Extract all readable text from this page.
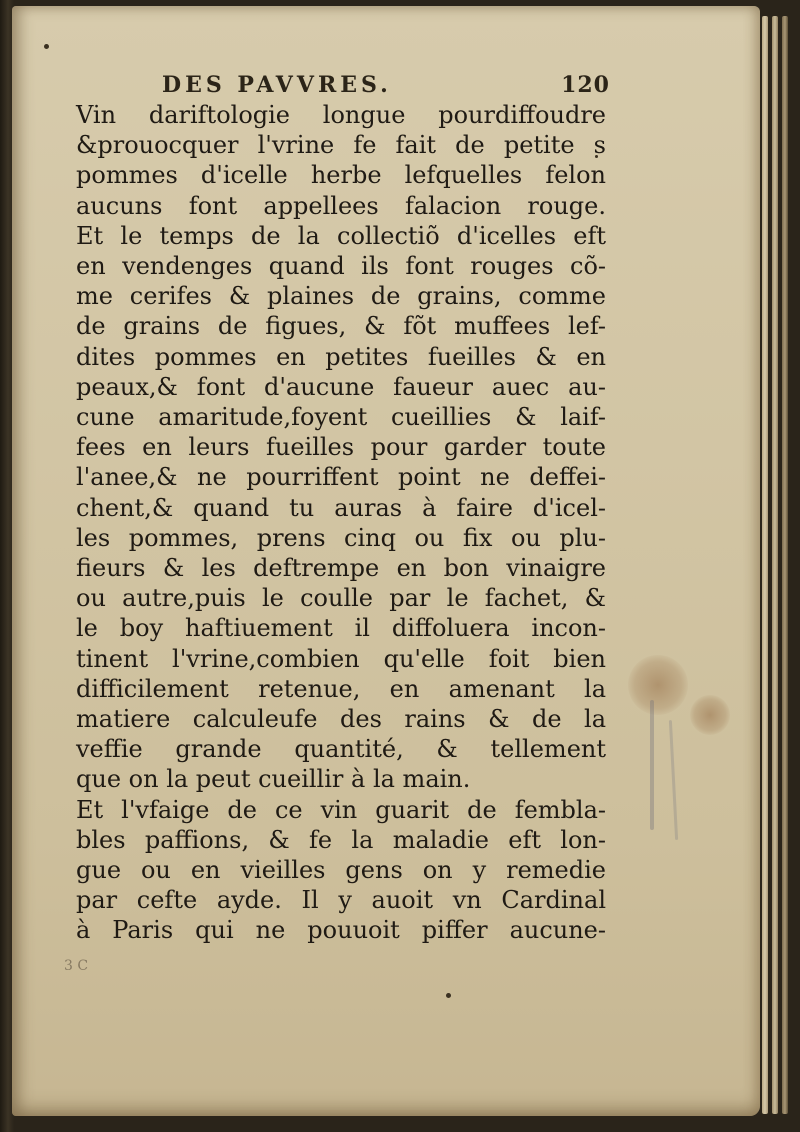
DES PAVVRES.	120
Vin dariftologie longue pourdiffoudre
&prouocquer l'vrine fe fait de petite s
pommes d'icelle herbe lefquelles felon
aucuns font appellees falacion rouge.
Et le temps de la collectiõ d'icelles eft
en vendenges quand ils font rouges cõ-
me cerifes & plaines de grains, comme
de grains de figues, & fõt muffees lef-
dites pommes en petites fueilles & en
peaux,& font d'aucune faueur auec au-
cune amaritude,foyent cueillies & laif-
fees en leurs fueilles pour garder toute
l'anee,& ne pourriffent point ne deffei-
chent,& quand tu auras à faire d'icel-
les pommes, prens cinq ou fix ou plu-
fieurs & les deftrempe en bon vinaigre
ou autre,puis le coulle par le fachet, &
le boy haftiuement il diffoluera incon-
tinent l'vrine,combien qu'elle foit bien
difficilement retenue, en amenant la
matiere calculeufe des rains & de la
veffie grande quantité, & tellement
que on la peut cueillir à la main.
Et l'vfaige de ce vin guarit de fembla-
bles paffions, & fe la maladie eft lon-
gue ou en vieilles gens on y remedie
par cefte ayde. Il y auoit vn Cardinal
à Paris qui ne pouuoit piffer aucune-
3 C
